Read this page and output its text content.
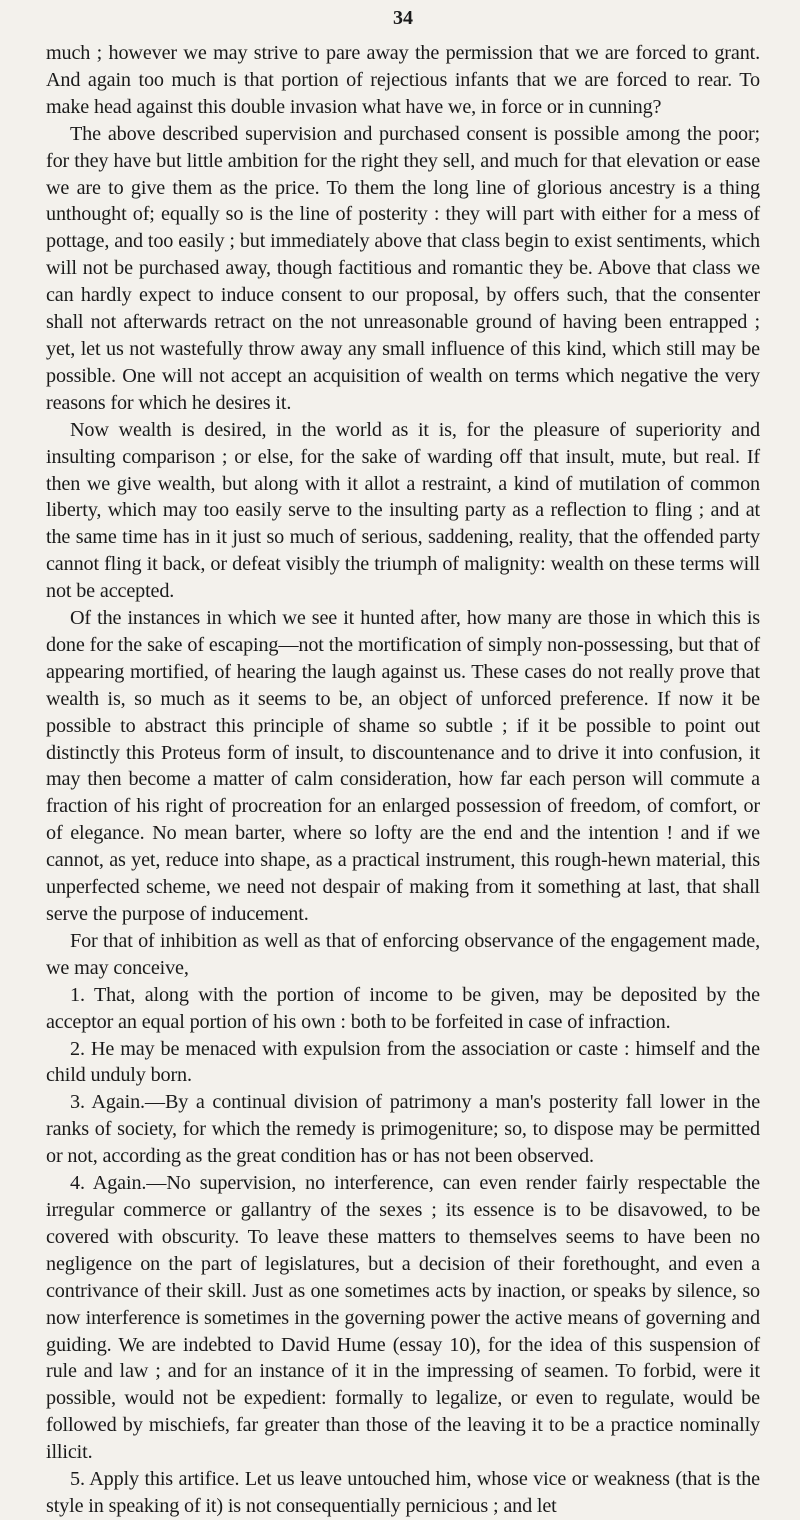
34

much ; however we may strive to pare away the permission that we are forced to grant. And again too much is that portion of rejectious infants that we are forced to rear. To make head against this double invasion what have we, in force or in cunning?

The above described supervision and purchased consent is possible among the poor; for they have but little ambition for the right they sell, and much for that elevation or ease we are to give them as the price. To them the long line of glorious ancestry is a thing unthought of; equally so is the line of posterity : they will part with either for a mess of pottage, and too easily ; but immediately above that class begin to exist sentiments, which will not be purchased away, though factitious and romantic they be. Above that class we can hardly expect to induce consent to our proposal, by offers such, that the consenter shall not afterwards retract on the not unreasonable ground of having been entrapped ; yet, let us not wastefully throw away any small influence of this kind, which still may be possible. One will not accept an acquisition of wealth on terms which negative the very reasons for which he desires it.

Now wealth is desired, in the world as it is, for the pleasure of superiority and insulting comparison ; or else, for the sake of warding off that insult, mute, but real. If then we give wealth, but along with it allot a restraint, a kind of mutilation of common liberty, which may too easily serve to the insulting party as a reflection to fling ; and at the same time has in it just so much of serious, saddening, reality, that the offended party cannot fling it back, or defeat visibly the triumph of malignity: wealth on these terms will not be accepted.

Of the instances in which we see it hunted after, how many are those in which this is done for the sake of escaping—not the mortification of simply non-possessing, but that of appearing mortified, of hearing the laugh against us. These cases do not really prove that wealth is, so much as it seems to be, an object of unforced preference. If now it be possible to abstract this principle of shame so subtle ; if it be possible to point out distinctly this Proteus form of insult, to discountenance and to drive it into confusion, it may then become a matter of calm consideration, how far each person will commute a fraction of his right of procreation for an enlarged possession of freedom, of comfort, or of elegance. No mean barter, where so lofty are the end and the intention ! and if we cannot, as yet, reduce into shape, as a practical instrument, this rough-hewn material, this unperfected scheme, we need not despair of making from it something at last, that shall serve the purpose of inducement.

For that of inhibition as well as that of enforcing observance of the engagement made, we may conceive,

1. That, along with the portion of income to be given, may be deposited by the acceptor an equal portion of his own : both to be forfeited in case of infraction.

2. He may be menaced with expulsion from the association or caste : himself and the child unduly born.

3. Again.—By a continual division of patrimony a man's posterity fall lower in the ranks of society, for which the remedy is primogeniture; so, to dispose may be permitted or not, according as the great condition has or has not been observed.

4. Again.—No supervision, no interference, can even render fairly respectable the irregular commerce or gallantry of the sexes ; its essence is to be disavowed, to be covered with obscurity. To leave these matters to themselves seems to have been no negligence on the part of legislatures, but a decision of their forethought, and even a contrivance of their skill. Just as one sometimes acts by inaction, or speaks by silence, so now interference is sometimes in the governing power the active means of governing and guiding. We are indebted to David Hume (essay 10), for the idea of this suspension of rule and law ; and for an instance of it in the impressing of seamen. To forbid, were it possible, would not be expedient: formally to legalize, or even to regulate, would be followed by mischiefs, far greater than those of the leaving it to be a practice nominally illicit.

5. Apply this artifice. Let us leave untouched him, whose vice or weakness (that is the style in speaking of it) is not consequentially pernicious ; and let
